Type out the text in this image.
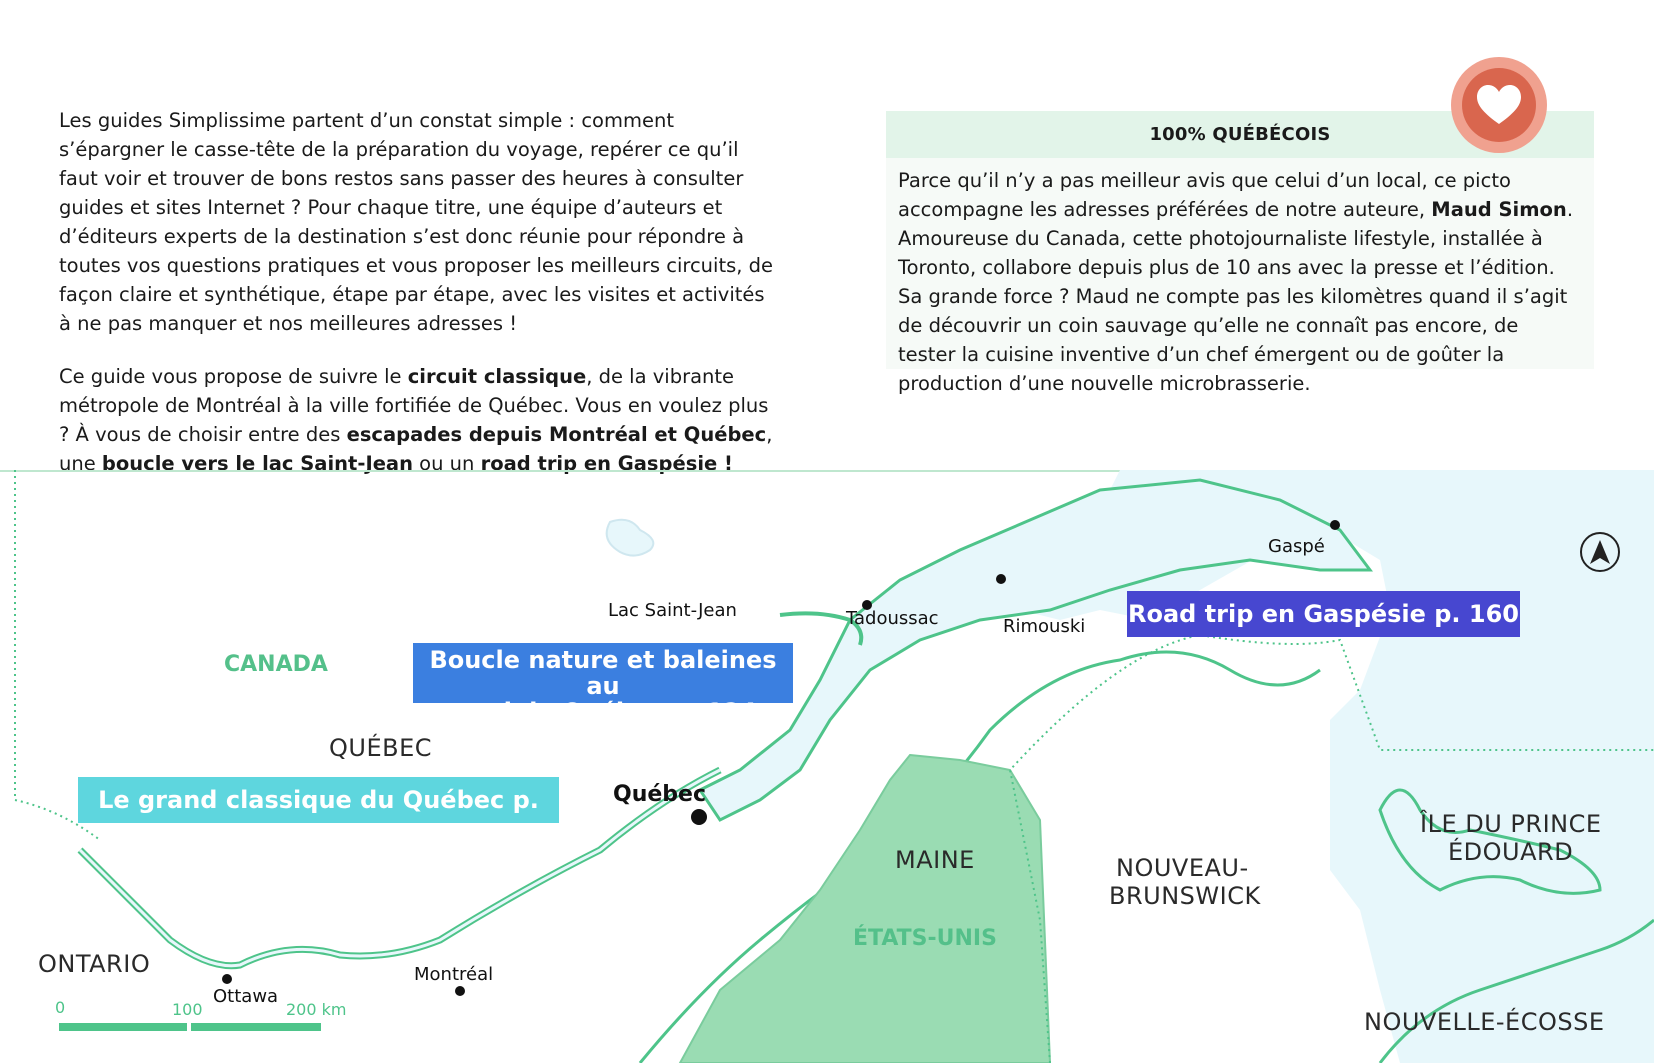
Les guides Simplissime partent d’un constat simple : comment s’épargner le casse-tête de la préparation du voyage, repérer ce qu’il faut voir et trouver de bons restos sans passer des heures à consulter guides et sites Internet ? Pour chaque titre, une équipe d’auteurs et d’éditeurs experts de la destination s’est donc réunie pour répondre à toutes vos questions pratiques et vous proposer les meilleurs circuits, de façon claire et synthétique, étape par étape, avec les visites et activités à ne pas manquer et nos meilleures adresses !

Ce guide vous propose de suivre le circuit classique, de la vibrante métropole de Montréal à la ville fortifiée de Québec. Vous en voulez plus ? À vous de choisir entre des escapades depuis Montréal et Québec, une boucle vers le lac Saint-Jean ou un road trip en Gaspésie !

100% QUÉBÉCOIS
Parce qu’il n’y a pas meilleur avis que celui d’un local, ce picto accompagne les adresses préférées de notre auteure, Maud Simon. Amoureuse du Canada, cette photojournaliste lifestyle, installée à Toronto, collabore depuis plus de 10 ans avec la presse et l’édition. Sa grande force ? Maud ne compte pas les kilomètres quand il s’agit de découvrir un coin sauvage qu’elle ne connaît pas encore, de tester la cuisine inventive d’un chef émergent ou de goûter la production d’une nouvelle microbrasserie.
Gaspé
Rimouski
Tadoussac
Lac Saint-Jean
Québec
Montréal
Ottawa
CANADA
QUÉBEC
ONTARIO
MAINE
ÉTATS-UNIS
NOUVEAU-
BRUNSWICK
ÎLE DU PRINCE
ÉDOUARD
NOUVELLE-ÉCOSSE
Road trip en Gaspésie p. 160
Boucle nature et baleines au
nord de Québec p. 124
Le grand classique du Québec p. 44
0	100	200 km
